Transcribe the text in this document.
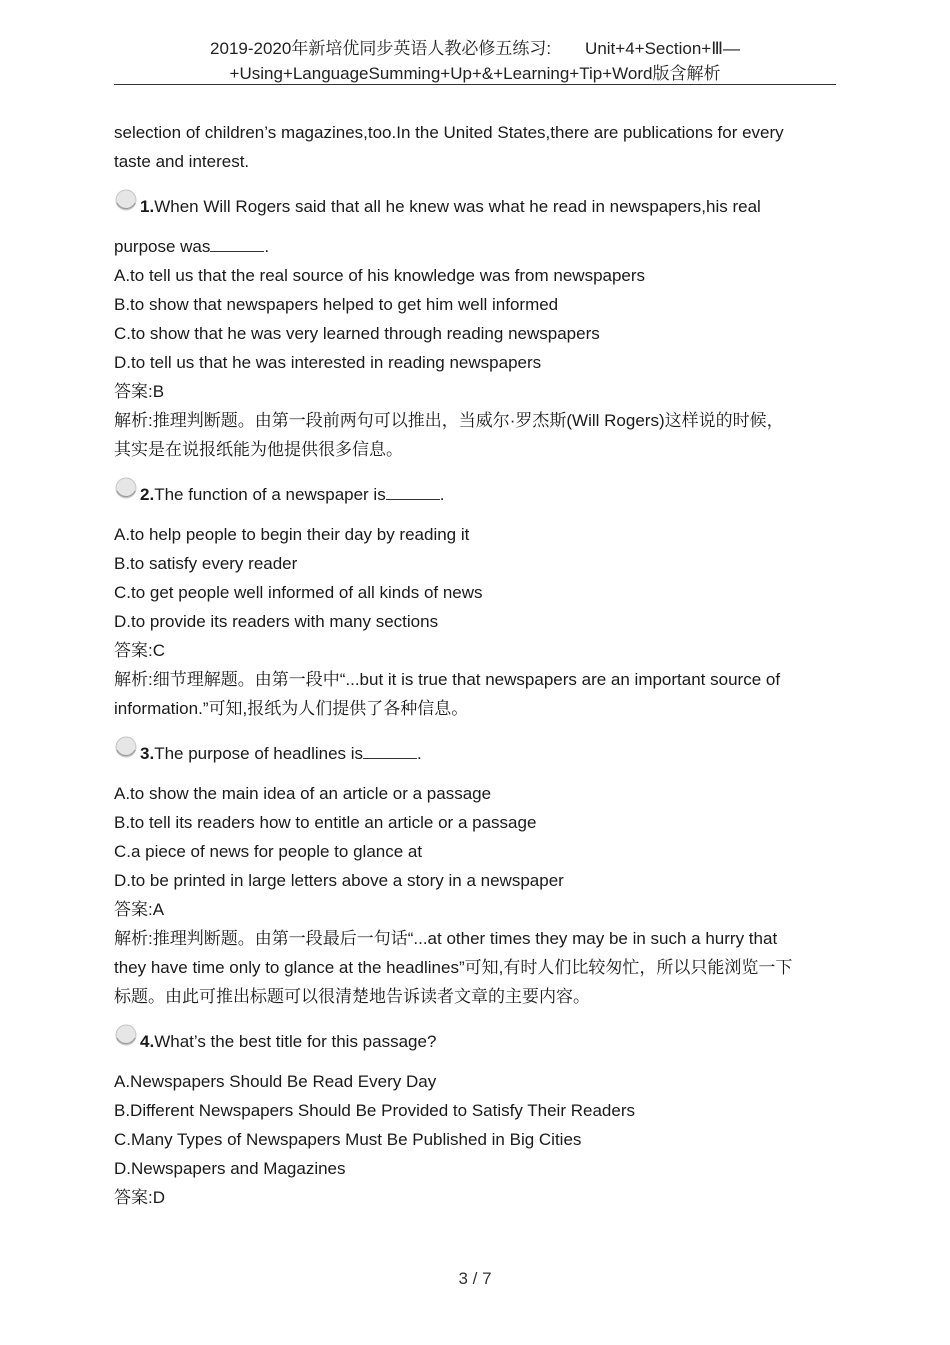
2019-2020年新培优同步英语人教必修五练习:　　Unit+4+Section+Ⅲ—
+Using+LanguageSumming+Up+&+Learning+Tip+Word版含解析
selection of children’s magazines,too.In the United States,there are publications for every
taste and interest.
1.When Will Rogers said that all he knew was what he read in newspapers,his real
purpose was	.
A.to tell us that the real source of his knowledge was from newspapers
B.to show that newspapers helped to get him well informed
C.to show that he was very learned through reading newspapers
D.to tell us that he was interested in reading newspapers
答案:B
解析:推理判断题。由第一段前两句可以推出，当威尔·罗杰斯(Will Rogers)这样说的时候，
其实是在说报纸能为他提供很多信息。
2.The function of a newspaper is	.
A.to help people to begin their day by reading it
B.to satisfy every reader
C.to get people well informed of all kinds of news
D.to provide its readers with many sections
答案:C
解析:细节理解题。由第一段中“...but it is true that newspapers are an important source of
information.”可知,报纸为人们提供了各种信息。
3.The purpose of headlines is	.
A.to show the main idea of an article or a passage
B.to tell its readers how to entitle an article or a passage
C.a piece of news for people to glance at
D.to be printed in large letters above a story in a newspaper
答案:A
解析:推理判断题。由第一段最后一句话“...at other times they may be in such a hurry that
they have time only to glance at the headlines”可知,有时人们比较匆忙，所以只能浏览一下
标题。由此可推出标题可以很清楚地告诉读者文章的主要内容。
4.What’s the best title for this passage?
A.Newspapers Should Be Read Every Day
B.Different Newspapers Should Be Provided to Satisfy Their Readers
C.Many Types of Newspapers Must Be Published in Big Cities
D.Newspapers and Magazines
答案:D
3 / 7
